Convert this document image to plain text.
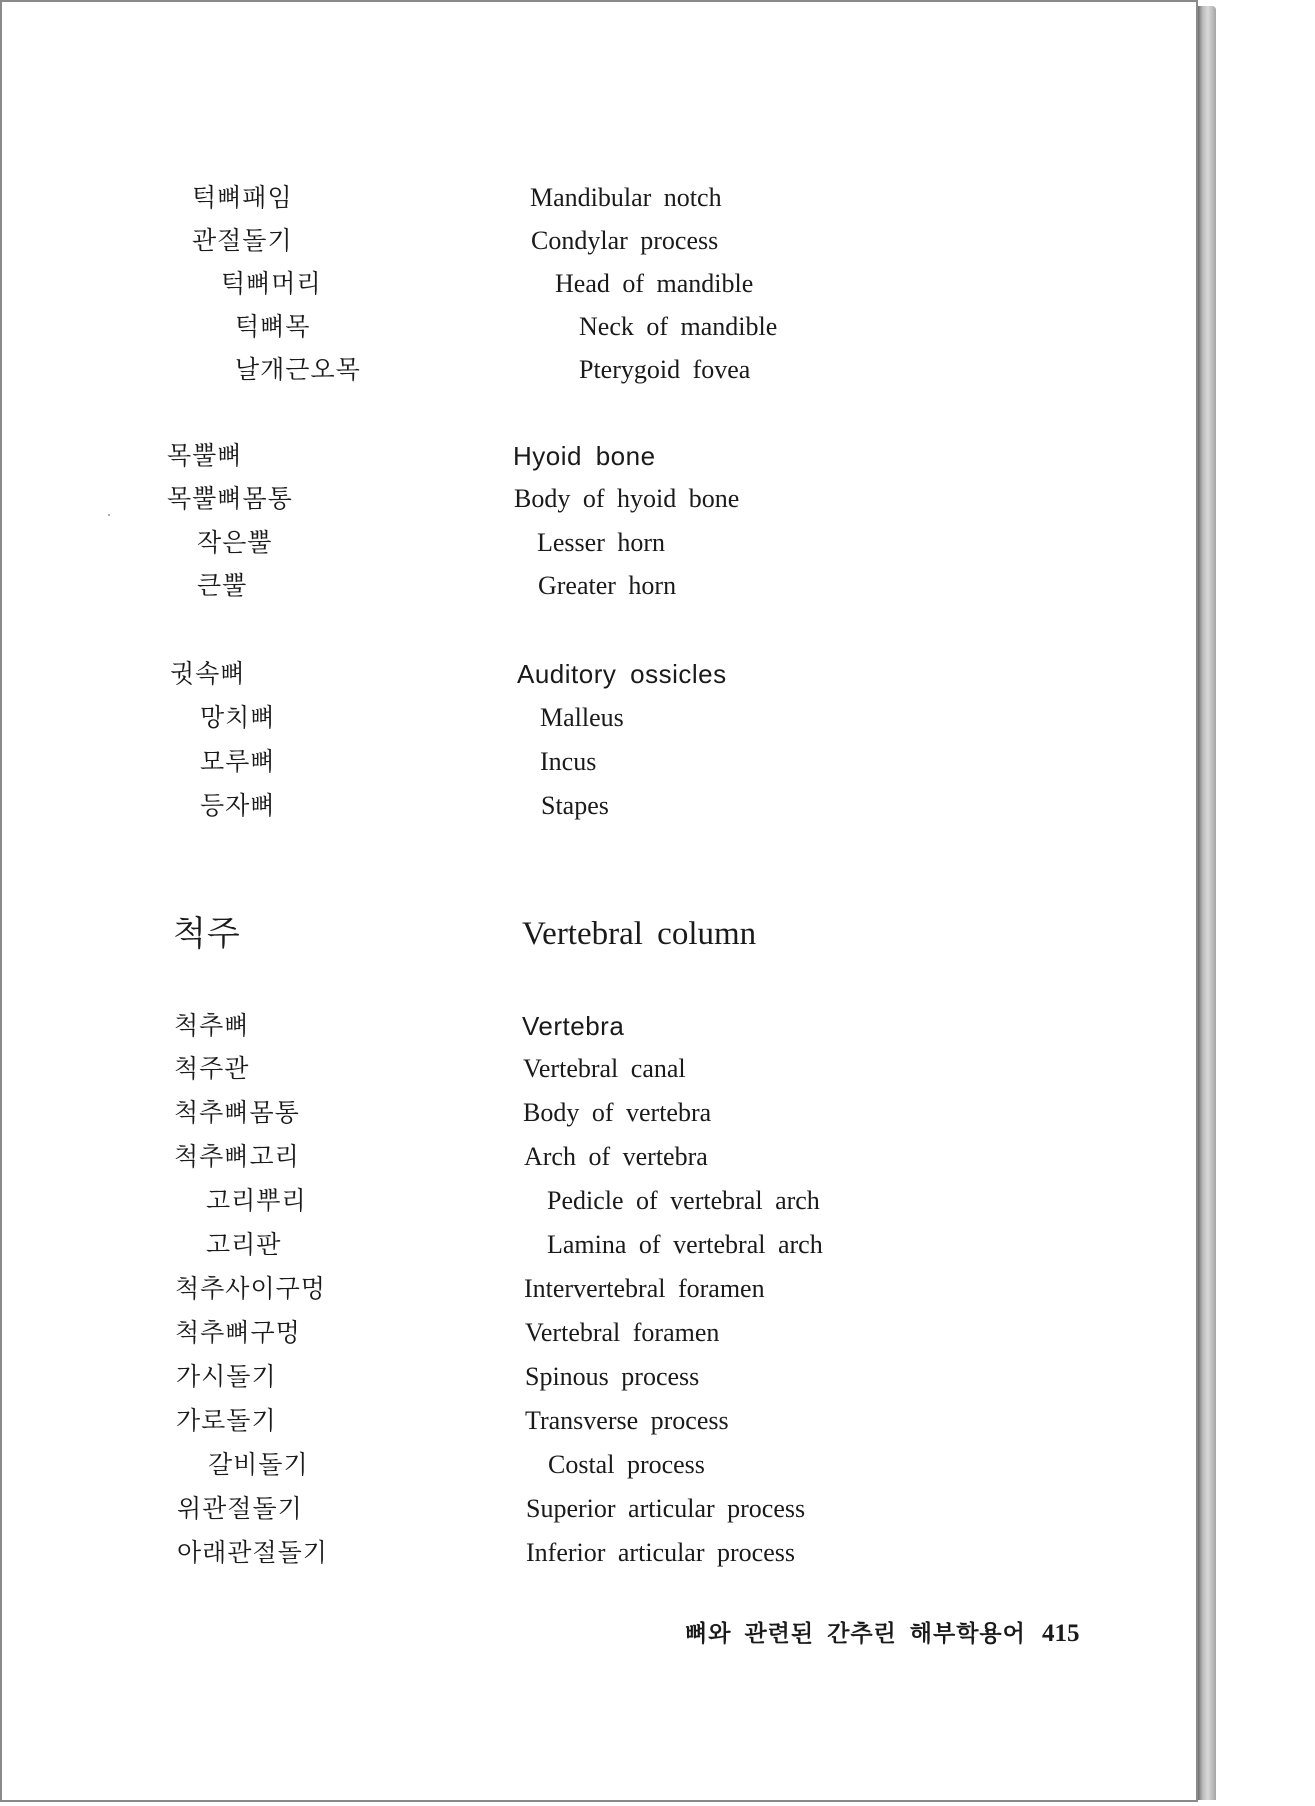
턱뼈패임	Mandibular notch
관절돌기	Condylar process
턱뼈머리	Head of mandible
턱뼈목	Neck of mandible
날개근오목	Pterygoid fovea
목뿔뼈	Hyoid bone
목뿔뼈몸통	Body of hyoid bone
작은뿔	Lesser horn
큰뿔	Greater horn
귓속뼈	Auditory ossicles
망치뼈	Malleus
모루뼈	Incus
등자뼈	Stapes
척주	Vertebral column
척추뼈	Vertebra
척주관	Vertebral canal
척추뼈몸통	Body of vertebra
척추뼈고리	Arch of vertebra
고리뿌리	Pedicle of vertebral arch
고리판	Lamina of vertebral arch
척추사이구멍	Intervertebral foramen
척추뼈구멍	Vertebral foramen
가시돌기	Spinous process
가로돌기	Transverse process
갈비돌기	Costal process
위관절돌기	Superior articular process
아래관절돌기	Inferior articular process
뼈와 관련된 간추린 해부학용어 415
